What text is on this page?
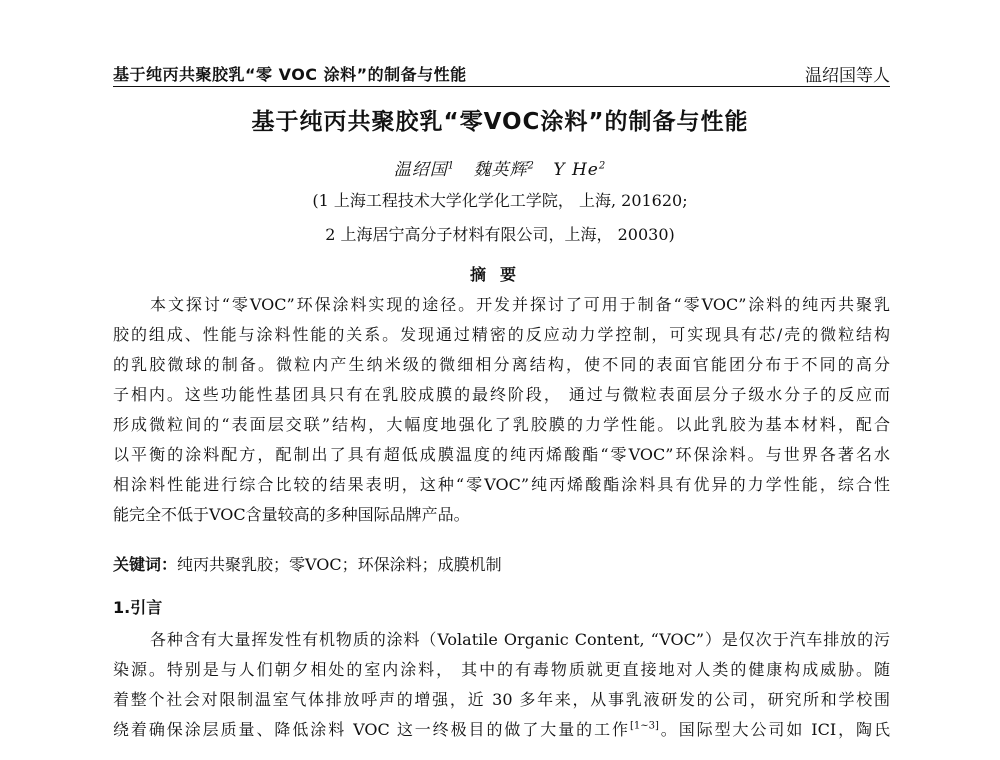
基于纯丙共聚胶乳“零 VOC 涂料”的制备与性能	温绍国等人
基于纯丙共聚胶乳“零VOC涂料”的制备与性能
温绍国$^1$ 魏英辉$^2$ Y He$^2$
(1 上海工程技术大学化学化工学院， 上海, 201620;
2 上海居宁高分子材料有限公司，上海， 20030)
摘要
本文探讨“零VOC”环保涂料实现的途径。开发并探讨了可用于制备“零VOC”涂料的纯丙共聚乳
胶的组成、性能与涂料性能的关系。发现通过精密的反应动力学控制，可实现具有芯/壳的微粒结构
的乳胶微球的制备。微粒内产生纳米级的微细相分离结构，使不同的表面官能团分布于不同的高分
子相内。这些功能性基团具只有在乳胶成膜的最终阶段， 通过与微粒表面层分子级水分子的反应而
形成微粒间的“表面层交联”结构，大幅度地强化了乳胶膜的力学性能。以此乳胶为基本材料，配合
以平衡的涂料配方，配制出了具有超低成膜温度的纯丙烯酸酯“零VOC”环保涂料。与世界各著名水
相涂料性能进行综合比较的结果表明，这种“零VOC”纯丙烯酸酯涂料具有优异的力学性能，综合性
能完全不低于VOC含量较高的多种国际品牌产品。
关键词：纯丙共聚乳胶；零VOC；环保涂料；成膜机制
1.引言
各种含有大量挥发性有机物质的涂料（Volatile Organic Content, “VOC”）是仅次于汽车排放的污
染源。特别是与人们朝夕相处的室内涂料， 其中的有毒物质就更直接地对人类的健康构成威胁。随
着整个社会对限制温室气体排放呼声的增强，近 30 多年来，从事乳液研发的公司，研究所和学校围
绕着确保涂层质量、降低涂料 VOC 这一终极目的做了大量的工作[1~3]。国际型大公司如 ICI，陶氏
